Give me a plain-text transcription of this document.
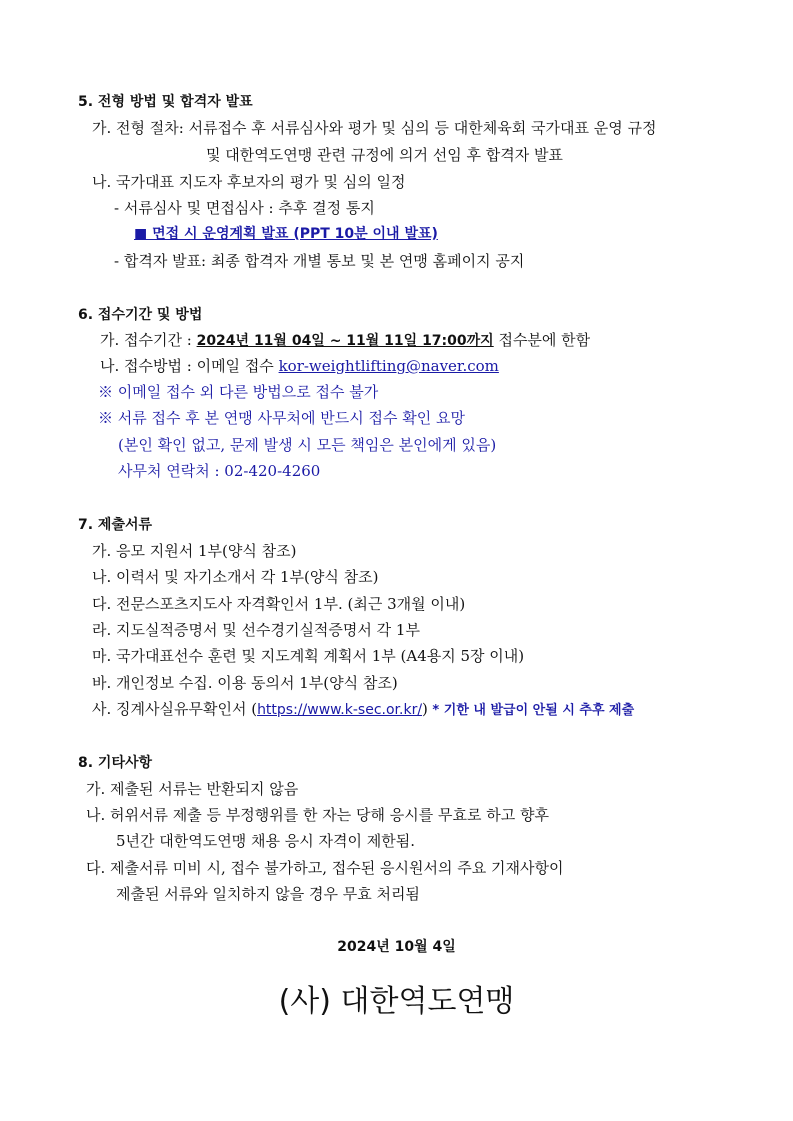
5. 전형 방법 및 합격자 발표
가. 전형 절차: 서류접수 후 서류심사와 평가 및 심의 등 대한체육회 국가대표 운영 규정
및 대한역도연맹 관련 규정에 의거 선임 후 합격자 발표
나. 국가대표 지도자 후보자의 평가 및 심의 일정
- 서류심사 및 면접심사 : 추후 결정 통지
■ 면접 시 운영계획 발표 (PPT 10분 이내 발표)
- 합격자 발표: 최종 합격자 개별 통보 및 본 연맹 홈페이지 공지
6. 접수기간 및 방법
가. 접수기간 : 2024년 11월 04일 ~ 11월 11일 17:00까지 접수분에 한함
나. 접수방법 : 이메일 접수 kor-weightlifting@naver.com
※ 이메일 접수 외 다른 방법으로 접수 불가
※ 서류 접수 후 본 연맹 사무처에 반드시 접수 확인 요망
(본인 확인 없고, 문제 발생 시 모든 책임은 본인에게 있음)
사무처 연락처 : 02-420-4260
7. 제출서류
가. 응모 지원서 1부(양식 참조)
나. 이력서 및 자기소개서 각 1부(양식 참조)
다. 전문스포츠지도사 자격확인서 1부. (최근 3개월 이내)
라. 지도실적증명서 및 선수경기실적증명서 각 1부
마. 국가대표선수 훈련 및 지도계획 계획서 1부 (A4용지 5장 이내)
바. 개인정보 수집. 이용 동의서 1부(양식 참조)
사. 징계사실유무확인서 (https://www.k-sec.or.kr/) * 기한 내 발급이 안될 시 추후 제출
8. 기타사항
가. 제출된 서류는 반환되지 않음
나. 허위서류 제출 등 부정행위를 한 자는 당해 응시를 무효로 하고 향후
5년간 대한역도연맹 채용 응시 자격이 제한됨.
다. 제출서류 미비 시, 접수 불가하고, 접수된 응시원서의 주요 기재사항이
제출된 서류와 일치하지 않을 경우 무효 처리됨
2024년 10월 4일
(사) 대한역도연맹
